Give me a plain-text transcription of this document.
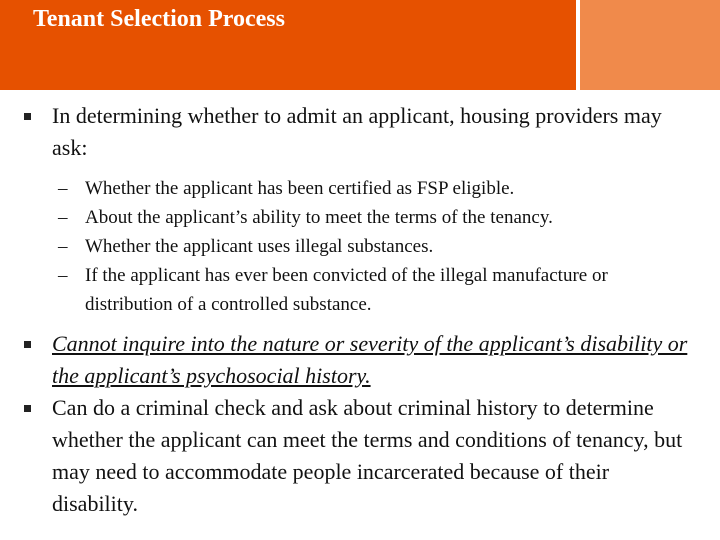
Tenant Selection Process
In determining whether to admit an applicant, housing providers may ask:
– Whether the applicant has been certified as FSP eligible.
– About the applicant’s ability to meet the terms of the tenancy.
– Whether the applicant uses illegal substances.
– If the applicant has ever been convicted of the illegal manufacture or distribution of a controlled substance.
Cannot inquire into the nature or severity of the applicant’s disability or the applicant’s psychosocial history.
Can do a criminal check and ask about criminal history to determine whether the applicant can meet the terms and conditions of tenancy, but may need to accommodate people incarcerated because of their disability.
